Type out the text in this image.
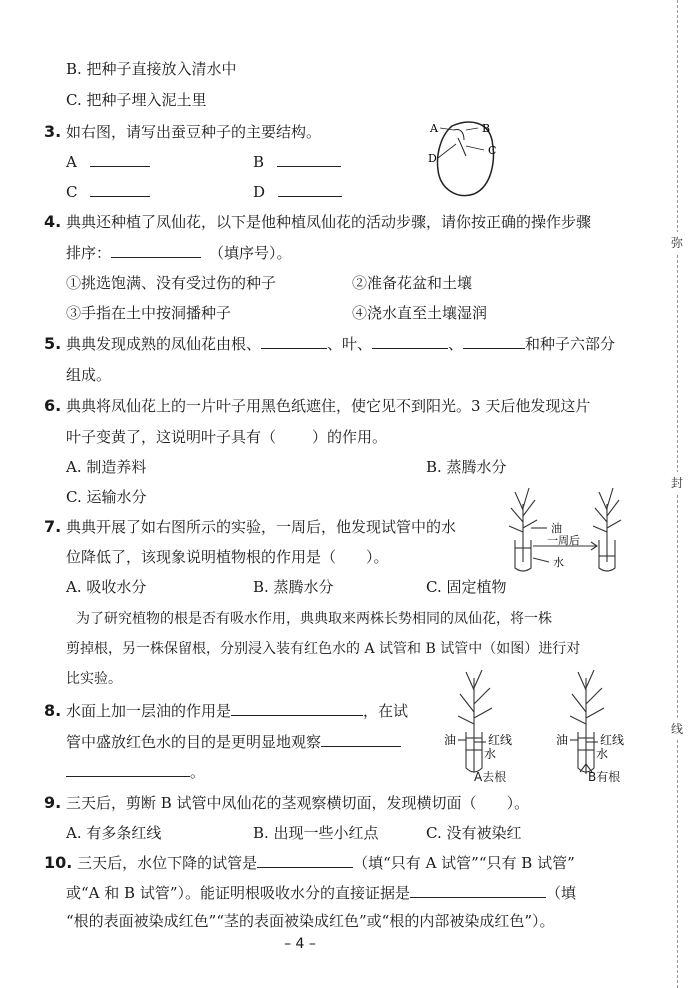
弥
封
线
B. 把种子直接放入清水中
C. 把种子埋入泥土里
3. 如右图，请写出蚕豆种子的主要结构。
A	B
C	D
A	B
C
D
4. 典典还种植了凤仙花，以下是他种植凤仙花的活动步骤，请你按正确的操作步骤
排序：	（填序号）。
①挑选饱满、没有受过伤的种子	②准备花盆和土壤
③手指在土中按洞播种子	④浇水直至土壤湿润
5. 典典发现成熟的凤仙花由根、	、叶、	、	和种子六部分
组成。
6. 典典将凤仙花上的一片叶子用黑色纸遮住，使它见不到阳光。3 天后他发现这片
叶子变黄了，这说明叶子具有（ ）的作用。
A. 制造养料	B. 蒸腾水分
C. 运输水分
7. 典典开展了如右图所示的实验，一周后，他发现试管中的水
位降低了，该现象说明植物根的作用是（ ）。
A. 吸收水分	B. 蒸腾水分	C. 固定植物
油
一周后
水
为了研究植物的根是否有吸水作用，典典取来两株长势相同的凤仙花，将一株
剪掉根，另一株保留根，分别浸入装有红色水的 A 试管和 B 试管中（如图）进行对
比实验。
8. 水面上加一层油的作用是	，在试
管中盛放红色水的目的是更明显地观察
。
油	红线
水
A去根
油	红线
水
B有根
9. 三天后，剪断 B 试管中凤仙花的茎观察横切面，发现横切面（ ）。
A. 有多条红线	B. 出现一些小红点	C. 没有被染红
10. 三天后，水位下降的试管是	（填“只有 A 试管”“只有 B 试管”
或“A 和 B 试管”）。能证明根吸收水分的直接证据是	（填
“根的表面被染成红色”“茎的表面被染成红色”或“根的内部被染成红色”）。
– 4 –
